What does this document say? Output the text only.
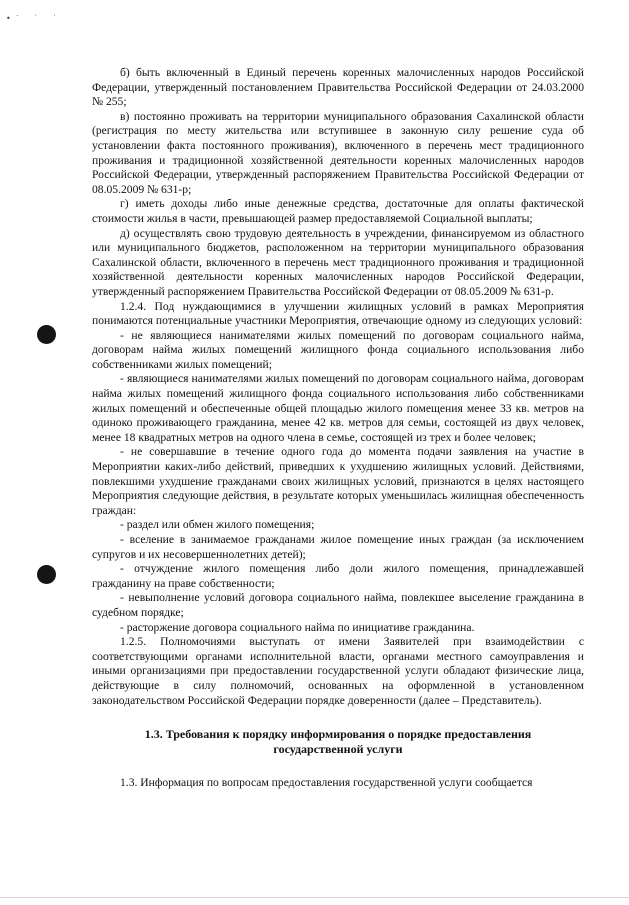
• ̇ ˙ ˙

б) быть включенный в Единый перечень коренных малочисленных народов Российской Федерации, утвержденный постановлением Правительства Российской Федерации от 24.03.2000 № 255;

в) постоянно проживать на территории муниципального образования Сахалинской области (регистрация по месту жительства или вступившее в законную силу решение суда об установлении факта постоянного проживания), включенного в перечень мест традиционного проживания и традиционной хозяйственной деятельности коренных малочисленных народов Российской Федерации, утвержденный распоряжением Правительства Российской Федерации от 08.05.2009 № 631-р;

г) иметь доходы либо иные денежные средства, достаточные для оплаты фактической стоимости жилья в части, превышающей размер предоставляемой Социальной выплаты;

д) осуществлять свою трудовую деятельность в учреждении, финансируемом из областного или муниципального бюджетов, расположенном на территории муниципального образования Сахалинской области, включенного в перечень мест традиционного проживания и традиционной хозяйственной деятельности коренных малочисленных народов Российской Федерации, утвержденный распоряжением Правительства Российской Федерации от 08.05.2009 № 631-р.

1.2.4. Под нуждающимися в улучшении жилищных условий в рамках Мероприятия понимаются потенциальные участники Мероприятия, отвечающие одному из следующих условий:

- не являющиеся нанимателями жилых помещений по договорам социального найма, договорам найма жилых помещений жилищного фонда социального использования либо собственниками жилых помещений;

- являющиеся нанимателями жилых помещений по договорам социального найма, договорам найма жилых помещений жилищного фонда социального использования либо собственниками жилых помещений и обеспеченные общей площадью жилого помещения менее 33 кв. метров на одиноко проживающего гражданина, менее 42 кв. метров для семьи, состоящей из двух человек, менее 18 квадратных метров на одного члена в семье, состоящей из трех и более человек;

- не совершавшие в течение одного года до момента подачи заявления на участие в Мероприятии каких-либо действий, приведших к ухудшению жилищных условий. Действиями, повлекшими ухудшение гражданами своих жилищных условий, признаются в целях настоящего Мероприятия следующие действия, в результате которых уменьшилась жилищная обеспеченность граждан:

- раздел или обмен жилого помещения;

- вселение в занимаемое гражданами жилое помещение иных граждан (за исключением супругов и их несовершеннолетних детей);

- отчуждение жилого помещения либо доли жилого помещения, принадлежавшей гражданину на праве собственности;

- невыполнение условий договора социального найма, повлекшее выселение гражданина в судебном порядке;

- расторжение договора социального найма по инициативе гражданина.

1.2.5. Полномочиями выступать от имени Заявителей при взаимодействии с соответствующими органами исполнительной власти, органами местного самоуправления и иными организациями при предоставлении государственной услуги обладают физические лица, действующие в силу полномочий, основанных на оформленной в установленном законодательством Российской Федерации порядке доверенности (далее – Представитель).

1.3. Требования к порядку информирования о порядке предоставления государственной услуги

1.3. Информация по вопросам предоставления государственной услуги сообщается
